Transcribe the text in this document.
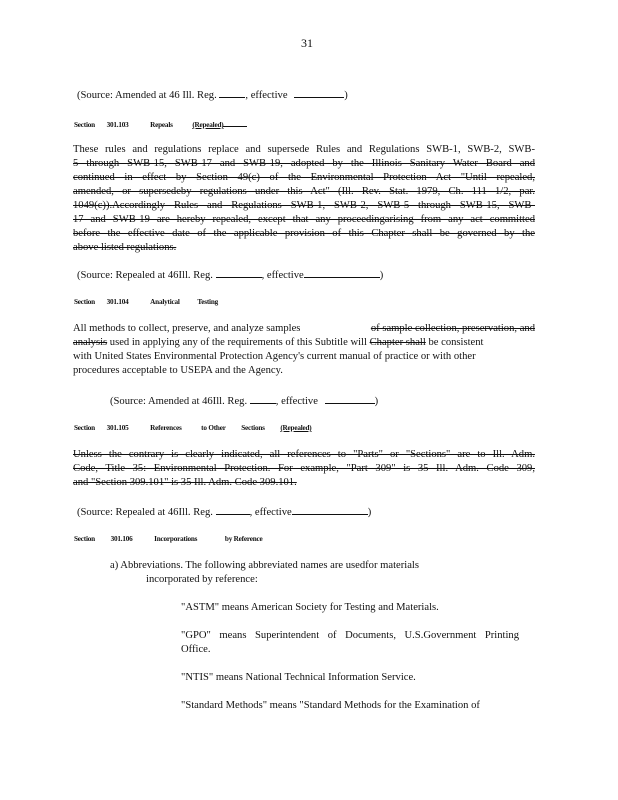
31
(Source: Amended at 46 Ill. Reg.	, effective	)
Section 301.103	Repeals	(Repealed)
These rules and regulations replace and supersede Rules and Regulations SWB-1, SWB-2, SWB-
5 through SWB-15, SWB-17 and SWB-19, adopted by the Illinois Sanitary Water Board and
continued in effect by Section 49(c) of the Environmental Protection Act "Until repealed,
amended, or supersedeby regulations under this Act" (Ill. Rev. Stat. 1979, Ch. 111 1/2, par.
1049(c)).Accordingly Rules and Regulations SWB-1, SWB-2, SWB-5 through SWB-15, SWB-
17 and SWB-19 are hereby repealed, except that any proceedingarising from any act committed
before the effective date of the applicable provision of this Chapter shall be governed by the
above listed regulations.
(Source: Repealed at 46Ill. Reg.	, effective	)
Section 301.104	Analytical Testing
All methods to collect, preserve, and analyze samples	of sample collection, preservation, and
analysis used in applying any of the requirements of this Subtitle will Chapter shall be consistent
with United States Environmental Protection Agency's current manual of practice or with other
procedures acceptable to USEPA and the Agency.
(Source: Amended at 46Ill. Reg.	, effective	)
Section 301.105	References	to Other Sections (Repealed)
Unless the contrary is clearly indicated, all references to "Parts" or "Sections" are to Ill. Adm.
Code, Title 35: Environmental Protection. For example, "Part 309" is 35 Ill. Adm. Code 309,
and "Section 309.101" is 35 Ill. Adm. Code 309.101.
(Source: Repealed at 46Ill. Reg.	, effective	)
Section 301.106	Incorporations	by Reference
a) Abbreviations. The following abbreviated names are usedfor materials
incorporated by reference:
"ASTM" means American Society for Testing and Materials.
"GPO" means Superintendent of Documents, U.S.Government Printing
Office.
"NTIS" means National Technical Information Service.
"Standard Methods" means "Standard Methods for the Examination of
